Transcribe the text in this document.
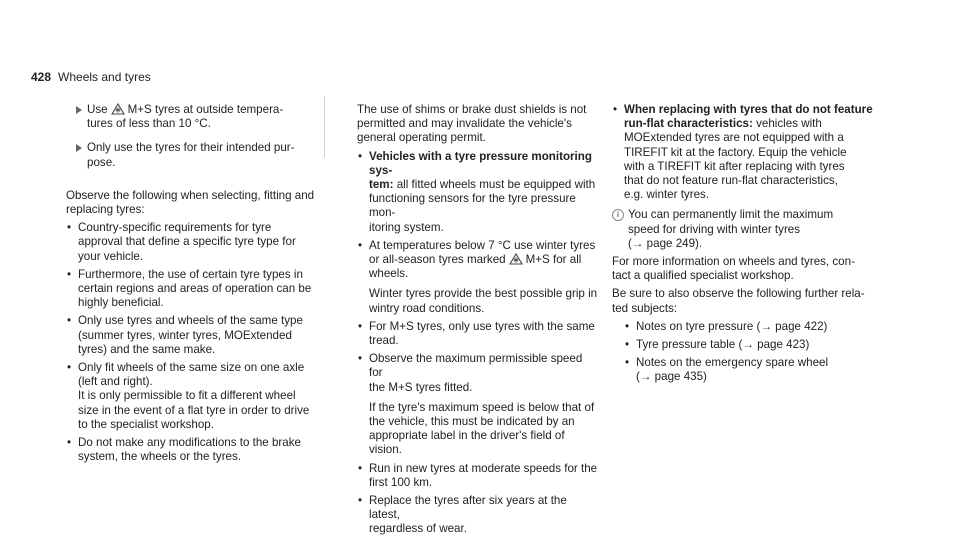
428 Wheels and tyres
Use M+S tyres at outside tempera-
tures of less than 10 °C.
Only use the tyres for their intended pur-
pose.
Observe the following when selecting, fitting and
replacing tyres:
• Country-specific requirements for tyre
approval that define a specific tyre type for
your vehicle.
• Furthermore, the use of certain tyre types in
certain regions and areas of operation can be
highly beneficial.
• Only use tyres and wheels of the same type
(summer tyres, winter tyres, MOExtended
tyres) and the same make.
• Only fit wheels of the same size on one axle
(left and right).
It is only permissible to fit a different wheel
size in the event of a flat tyre in order to drive
to the specialist workshop.
• Do not make any modifications to the brake
system, the wheels or the tyres.
The use of shims or brake dust shields is not
permitted and may invalidate the vehicle's
general operating permit.
• Vehicles with a tyre pressure monitoring sys-
tem: all fitted wheels must be equipped with
functioning sensors for the tyre pressure mon-
itoring system.
• At temperatures below 7 °C use winter tyres
or all-season tyres marked M+S for all
wheels.
Winter tyres provide the best possible grip in
wintry road conditions.
• For M+S tyres, only use tyres with the same
tread.
• Observe the maximum permissible speed for
the M+S tyres fitted.
If the tyre's maximum speed is below that of
the vehicle, this must be indicated by an
appropriate label in the driver's field of vision.
• Run in new tyres at moderate speeds for the
first 100 km.
• Replace the tyres after six years at the latest,
regardless of wear.
• When replacing with tyres that do not feature
run-flat characteristics: vehicles with
MOExtended tyres are not equipped with a
TIREFIT kit at the factory. Equip the vehicle
with a TIREFIT kit after replacing with tyres
that do not feature run-flat characteristics,
e.g. winter tyres.
i You can permanently limit the maximum
speed for driving with winter tyres
(→ page 249).
For more information on wheels and tyres, con-
tact a qualified specialist workshop.
Be sure to also observe the following further rela-
ted subjects:
• Notes on tyre pressure (→ page 422)
• Tyre pressure table (→ page 423)
• Notes on the emergency spare wheel
(→ page 435)
